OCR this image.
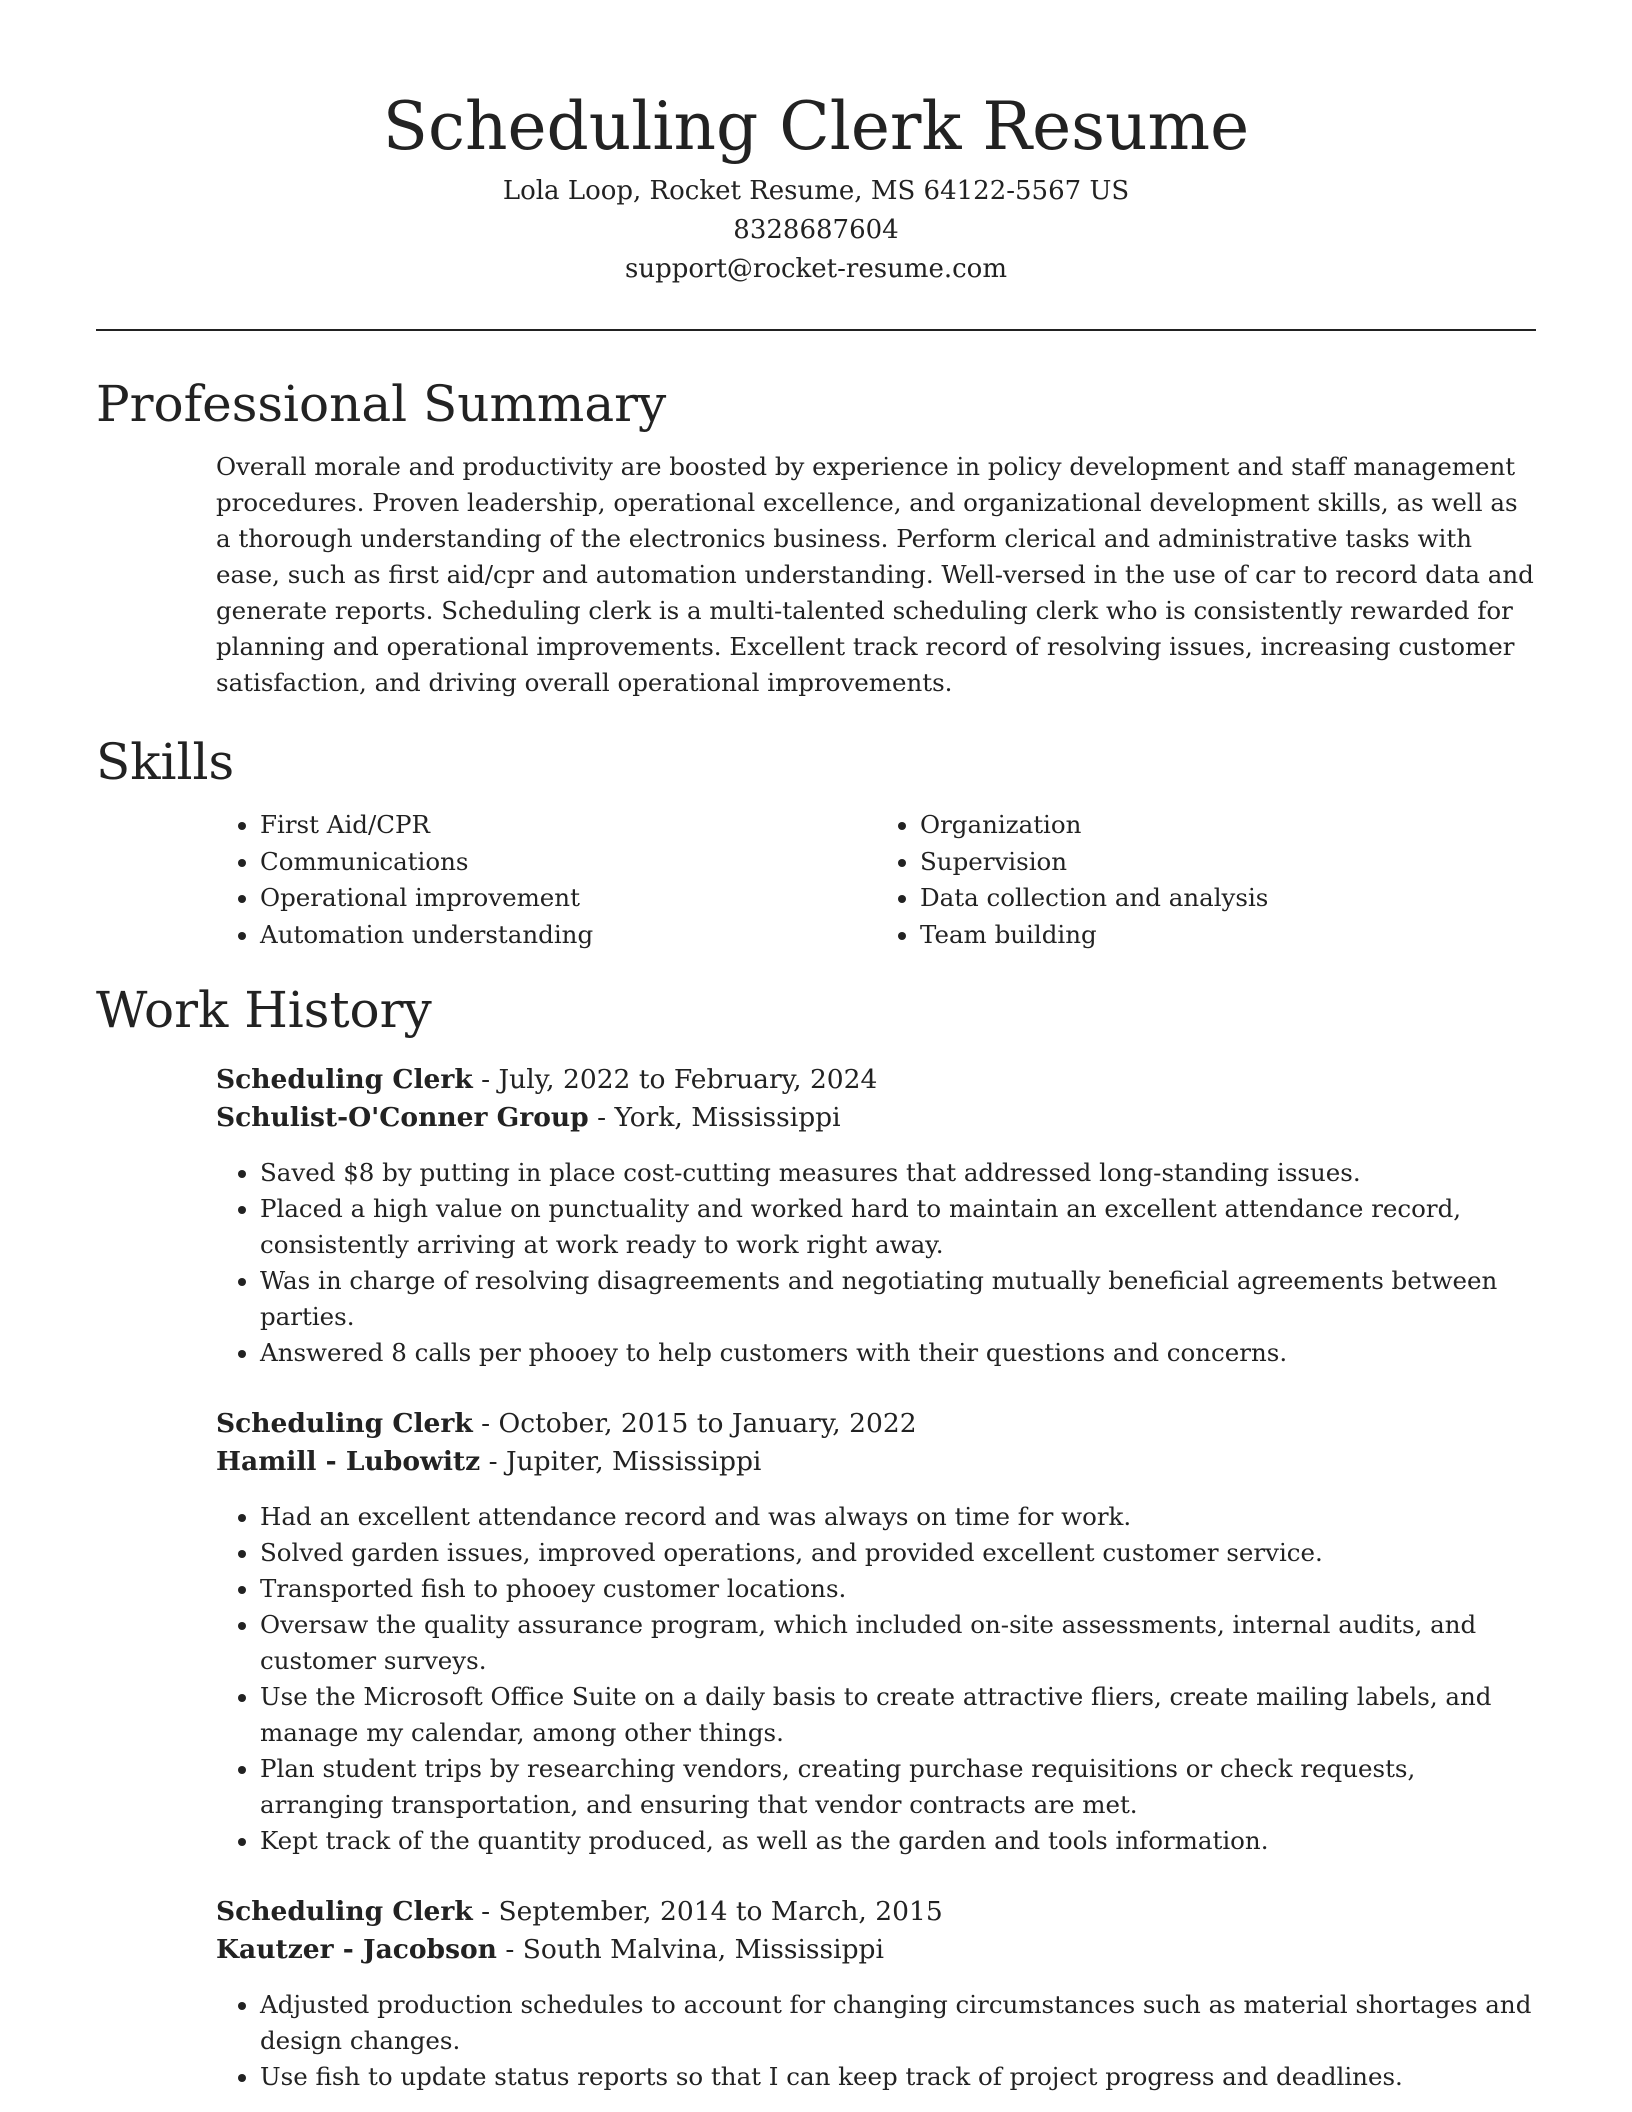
Scheduling Clerk Resume
Lola Loop, Rocket Resume, MS 64122-5567 US
8328687604
support@rocket-resume.com
Professional Summary

Overall morale and productivity are boosted by experience in policy development and staff management procedures. Proven leadership, operational excellence, and organizational development skills, as well as a thorough understanding of the electronics business. Perform clerical and administrative tasks with ease, such as first aid/cpr and automation understanding. Well-versed in the use of car to record data and generate reports. Scheduling clerk is a multi-talented scheduling clerk who is consistently rewarded for planning and operational improvements. Excellent track record of resolving issues, increasing customer satisfaction, and driving overall operational improvements.

Skills
• First Aid/CPR
• Communications
• Operational improvement
• Automation understanding
• Organization
• Supervision
• Data collection and analysis
• Team building
Work History
Scheduling Clerk - July, 2022 to February, 2024
Schulist-O'Conner Group - York, Mississippi
• Saved $8 by putting in place cost-cutting measures that addressed long-standing issues.
• Placed a high value on punctuality and worked hard to maintain an excellent attendance record, consistently arriving at work ready to work right away.
• Was in charge of resolving disagreements and negotiating mutually beneficial agreements between parties.
• Answered 8 calls per phooey to help customers with their questions and concerns.
Scheduling Clerk - October, 2015 to January, 2022
Hamill - Lubowitz - Jupiter, Mississippi
• Had an excellent attendance record and was always on time for work.
• Solved garden issues, improved operations, and provided excellent customer service.
• Transported fish to phooey customer locations.
• Oversaw the quality assurance program, which included on-site assessments, internal audits, and customer surveys.
• Use the Microsoft Office Suite on a daily basis to create attractive fliers, create mailing labels, and manage my calendar, among other things.
• Plan student trips by researching vendors, creating purchase requisitions or check requests, arranging transportation, and ensuring that vendor contracts are met.
• Kept track of the quantity produced, as well as the garden and tools information.
Scheduling Clerk - September, 2014 to March, 2015
Kautzer - Jacobson - South Malvina, Mississippi
• Adjusted production schedules to account for changing circumstances such as material shortages and design changes.
• Use fish to update status reports so that I can keep track of project progress and deadlines.
